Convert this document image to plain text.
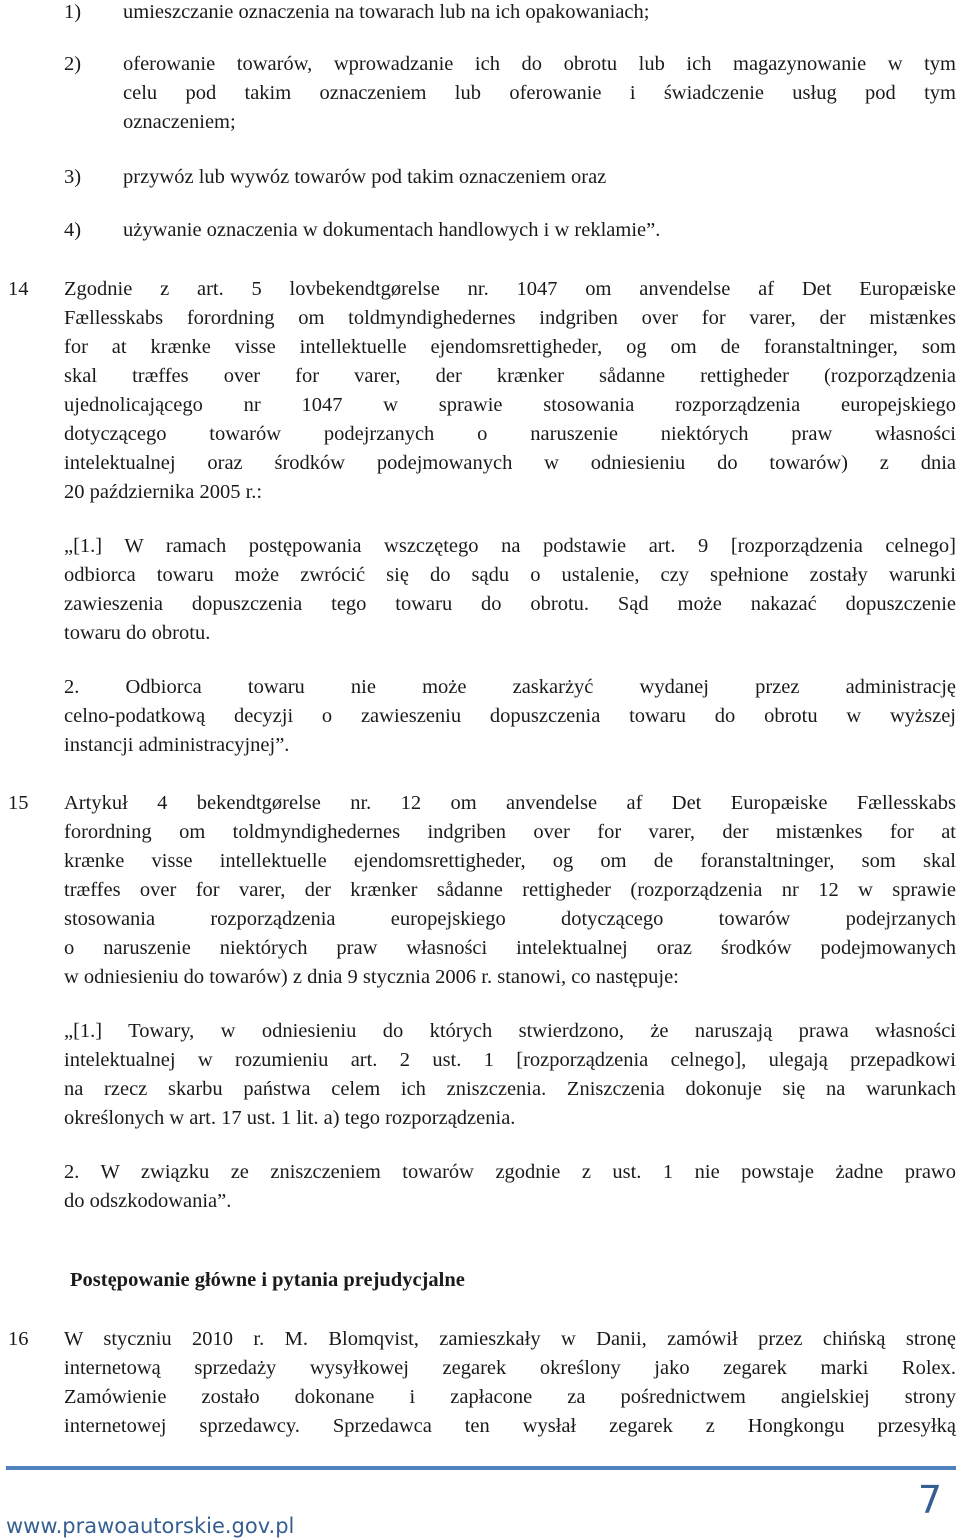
1) umieszczanie oznaczenia na towarach lub na ich opakowaniach;
2) oferowanie towarów, wprowadzanie ich do obrotu lub ich magazynowanie w tym
celu pod takim oznaczeniem lub oferowanie i świadczenie usług pod tym
oznaczeniem;
3) przywóz lub wywóz towarów pod takim oznaczeniem oraz
4) używanie oznaczenia w dokumentach handlowych i w reklamie”.
14 Zgodnie z art. 5 lovbekendtgørelse nr. 1047 om anvendelse af Det Europæiske
Fællesskabs forordning om toldmyndighedernes indgriben over for varer, der mistænkes
for at krænke visse intellektuelle ejendomsrettigheder, og om de foranstaltninger, som
skal træffes over for varer, der krænker sådanne rettigheder (rozporządzenia
ujednolicającego nr 1047 w sprawie stosowania rozporządzenia europejskiego
dotyczącego towarów podejrzanych o naruszenie niektórych praw własności
intelektualnej oraz środków podejmowanych w odniesieniu do towarów) z dnia
20 października 2005 r.:
„[1.] W ramach postępowania wszczętego na podstawie art. 9 [rozporządzenia celnego]
odbiorca towaru może zwrócić się do sądu o ustalenie, czy spełnione zostały warunki
zawieszenia dopuszczenia tego towaru do obrotu. Sąd może nakazać dopuszczenie
towaru do obrotu.
2. Odbiorca towaru nie może zaskarżyć wydanej przez administrację
celno-podatkową decyzji o zawieszeniu dopuszczenia towaru do obrotu w wyższej
instancji administracyjnej”.
15 Artykuł 4 bekendtgørelse nr. 12 om anvendelse af Det Europæiske Fællesskabs
forordning om toldmyndighedernes indgriben over for varer, der mistænkes for at
krænke visse intellektuelle ejendomsrettigheder, og om de foranstaltninger, som skal
træffes over for varer, der krænker sådanne rettigheder (rozporządzenia nr 12 w sprawie
stosowania rozporządzenia europejskiego dotyczącego towarów podejrzanych
o naruszenie niektórych praw własności intelektualnej oraz środków podejmowanych
w odniesieniu do towarów) z dnia 9 stycznia 2006 r. stanowi, co następuje:
„[1.] Towary, w odniesieniu do których stwierdzono, że naruszają prawa własności
intelektualnej w rozumieniu art. 2 ust. 1 [rozporządzenia celnego], ulegają przepadkowi
na rzecz skarbu państwa celem ich zniszczenia. Zniszczenia dokonuje się na warunkach
określonych w art. 17 ust. 1 lit. a) tego rozporządzenia.
2. W związku ze zniszczeniem towarów zgodnie z ust. 1 nie powstaje żadne prawo
do odszkodowania”.
Postępowanie główne i pytania prejudycjalne
16 W styczniu 2010 r. M. Blomqvist, zamieszkały w Danii, zamówił przez chińską stronę
internetową sprzedaży wysyłkowej zegarek określony jako zegarek marki Rolex.
Zamówienie zostało dokonane i zapłacone za pośrednictwem angielskiej strony
internetowej sprzedawcy. Sprzedawca ten wysłał zegarek z Hongkongu przesyłką
www.prawoautorskie.gov.pl
7
